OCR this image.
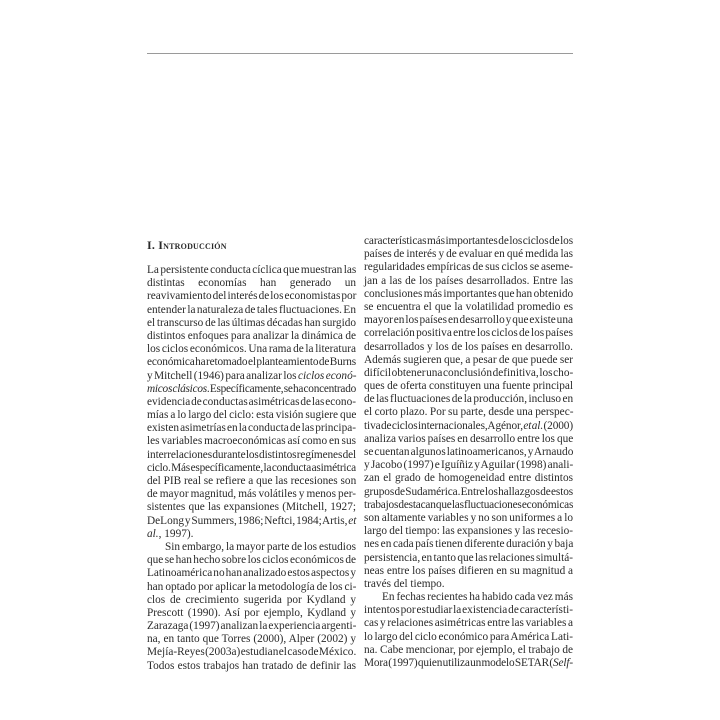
I. Introducción
La persistente conducta cíclica que muestran las
distintas economías han generado un
reavivamiento del interés de los economistas por
entender la naturaleza de tales fluctuaciones. En
el transcurso de las últimas décadas han surgido
distintos enfoques para analizar la dinámica de
los ciclos económicos. Una rama de la literatura
económica ha retomado el planteamiento de Burns
y Mitchell (1946) para analizar los ciclos econó-
micos clásicos. Específicamente, se ha concentrado
evidencia de conductas asimétricas de las econo-
mías a lo largo del ciclo: esta visión sugiere que
existen asimetrías en la conducta de las principa-
les variables macroeconómicas así como en sus
interrelaciones durante los distintos regímenes del
ciclo. Más específicamente, la conducta asimétrica
del PIB real se refiere a que las recesiones son
de mayor magnitud, más volátiles y menos per-
sistentes que las expansiones (Mitchell, 1927;
DeLong y Summers, 1986; Neftci, 1984; Artis, et
al., 1997).
Sin embargo, la mayor parte de los estudios
que se han hecho sobre los ciclos económicos de
Latinoamérica no han analizado estos aspectos y
han optado por aplicar la metodología de los ci-
clos de crecimiento sugerida por Kydland y
Prescott (1990). Así por ejemplo, Kydland y
Zarazaga (1997) analizan la experiencia argenti-
na, en tanto que Torres (2000), Alper (2002) y
Mejía-Reyes (2003a) estudian el caso de México.
Todos estos trabajos han tratado de definir las
características más importantes de los ciclos de los
países de interés y de evaluar en qué medida las
regularidades empíricas de sus ciclos se aseme-
jan a las de los países desarrollados. Entre las
conclusiones más importantes que han obtenido
se encuentra el que la volatilidad promedio es
mayor en los países en desarrollo y que existe una
correlación positiva entre los ciclos de los países
desarrollados y los de los países en desarrollo.
Además sugieren que, a pesar de que puede ser
difícil obtener una conclusión definitiva, los cho-
ques de oferta constituyen una fuente principal
de las fluctuaciones de la producción, incluso en
el corto plazo. Por su parte, desde una perspec-
tiva de ciclos internacionales, Agénor, et al. (2000)
analiza varios países en desarrollo entre los que
se cuentan algunos latinoamericanos, y Arnaudo
y Jacobo (1997) e Iguíñiz y Aguilar (1998) anali-
zan el grado de homogeneidad entre distintos
grupos de Sudamérica. Entre los hallazgos de estos
trabajos destacan que las fluctuaciones económicas
son altamente variables y no son uniformes a lo
largo del tiempo: las expansiones y las recesio-
nes en cada país tienen diferente duración y baja
persistencia, en tanto que las relaciones simultá-
neas entre los países difieren en su magnitud a
través del tiempo.
En fechas recientes ha habido cada vez más
intentos por estudiar la existencia de característi-
cas y relaciones asimétricas entre las variables a
lo largo del ciclo económico para América Lati-
na. Cabe mencionar, por ejemplo, el trabajo de
Mora (1997) quien utiliza un modelo SETAR (Self-
